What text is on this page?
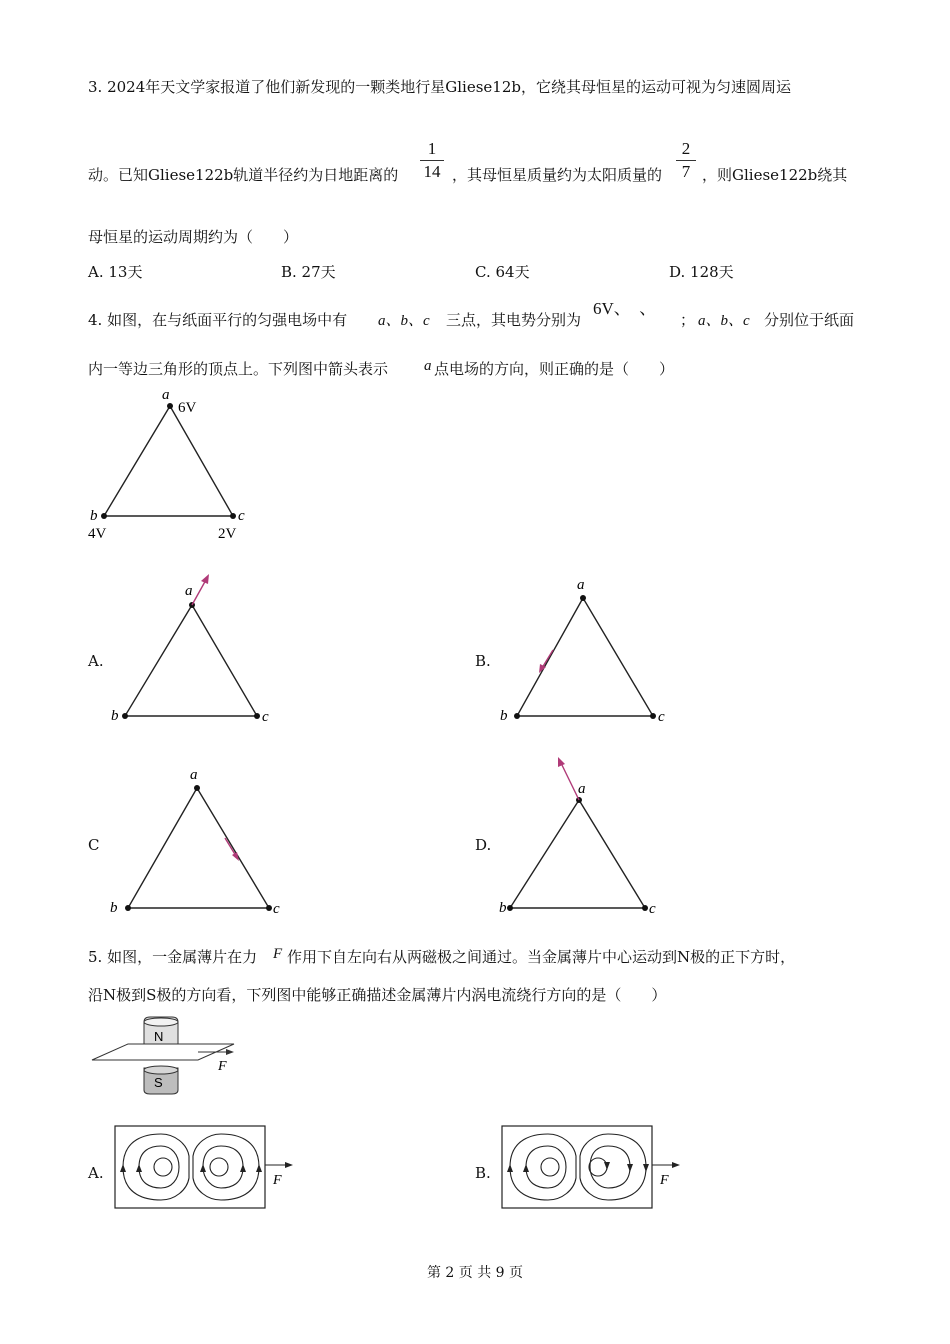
3. 2024年天文学家报道了他们新发现的一颗类地行星Gliese12b，它绕其母恒星的运动可视为匀速圆周运
1
14
2
7
动。已知Gliese122b轨道半径约为日地距离的	，其母恒星质量约为太阳质量的	，则Gliese122b绕其
母恒星的运动周期约为（　　）
A. 13天	B. 27天	C. 64天	D. 128天
4. 如图，在与纸面平行的匀强电场中有 a、b、c 三点，其电势分别为
6V、　、
； a、b、c 分别位于纸面
内一等边三角形的顶点上。下列图中箭头表示 a 点电场的方向，则正确的是（　　）
a
6V
b
4V
c
2V
A.
a
b	c
B.
a
b	c
C
a
b	c
D.
a
b	c
5. 如图，一金属薄片在力 F 作用下自左向右从两磁极之间通过。当金属薄片中心运动到N极的正下方时，
沿N极到S极的方向看，下列图中能够正确描述金属薄片内涡电流绕行方向的是（　　）
N
F
S
A.	F	B.	F
第 2 页 共 9 页
